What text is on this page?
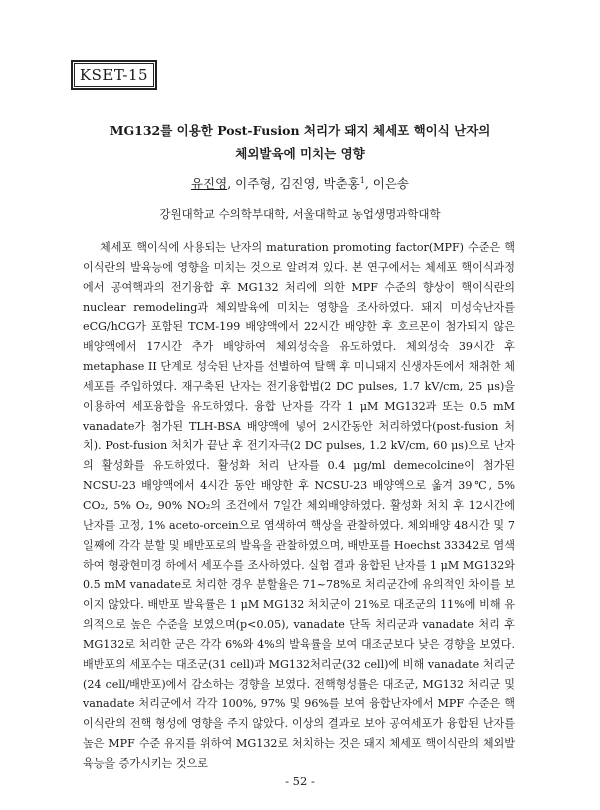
KSET-15
MG132를 이용한 Post-Fusion 처리가 돼지 체세포 핵이식 난자의
체외발육에 미치는 영향
유진영, 이주형, 김진영, 박춘홍$^1$, 이은송
강원대학교 수의학부대학, 서울대학교 농업생명과학대학

체세포 핵이식에 사용되는 난자의 maturation promoting factor(MPF) 수준은 핵이식란의 발육능에 영향을 미치는 것으로 알려져 있다. 본 연구에서는 체세포 핵이식과정에서 공여핵과의 전기융합 후 MG132 처리에 의한 MPF 수준의 향상이 핵이식란의 nuclear remodeling과 체외발육에 미치는 영향을 조사하였다. 돼지 미성숙난자를 eCG/hCG가 포함된 TCM-199 배양액에서 22시간 배양한 후 호르몬이 첨가되지 않은 배양액에서 17시간 추가 배양하여 체외성숙을 유도하였다. 체외성숙 39시간 후 metaphase II 단계로 성숙된 난자를 선별하여 탈핵 후 미니돼지 신생자돈에서 채취한 체세포를 주입하였다. 재구축된 난자는 전기융합법(2 DC pulses, 1.7 kV/cm, 25 μs)을 이용하여 세포융합을 유도하였다. 융합 난자를 각각 1 μM MG132과 또는 0.5 mM vanadate가 첨가된 TLH-BSA 배양액에 넣어 2시간동안 처리하였다(post-fusion 처치). Post-fusion 처치가 끝난 후 전기자극(2 DC pulses, 1.2 kV/cm, 60 μs)으로 난자의 활성화를 유도하였다. 활성화 처리 난자를 0.4 μg/ml demecolcine이 첨가된 NCSU-23 배양액에서 4시간 동안 배양한 후 NCSU-23 배양액으로 옮겨 39℃, 5% CO₂, 5% O₂, 90% NO₂의 조건에서 7일간 체외배양하였다. 활성화 처치 후 12시간에 난자를 고정, 1% aceto-orcein으로 염색하여 핵상을 관찰하였다. 체외배양 48시간 및 7일째에 각각 분할 및 배반포로의 발육을 관찰하였으며, 배반포를 Hoechst 33342로 염색하여 형광현미경 하에서 세포수를 조사하였다. 실험 결과 융합된 난자를 1 μM MG132와 0.5 mM vanadate로 처리한 경우 분할율은 71~78%로 처리군간에 유의적인 차이를 보이지 않았다. 배반포 발육률은 1 μM MG132 처치군이 21%로 대조군의 11%에 비해 유의적으로 높은 수준을 보였으며(p<0.05), vanadate 단독 처리군과 vanadate 처리 후 MG132로 처리한 군은 각각 6%와 4%의 발육률을 보여 대조군보다 낮은 경향을 보였다. 배반포의 세포수는 대조군(31 cell)과 MG132처리군(32 cell)에 비해 vanadate 처리군(24 cell/배반포)에서 감소하는 경향을 보였다. 전핵형성률은 대조군, MG132 처리군 및 vanadate 처리군에서 각각 100%, 97% 및 96%를 보여 융합난자에서 MPF 수준은 핵이식란의 전핵 형성에 영향을 주지 않았다. 이상의 결과로 보아 공여세포가 융합된 난자를 높은 MPF 수준 유지를 위하여 MG132로 처치하는 것은 돼지 체세포 핵이식란의 체외발육능을 증가시키는 것으로

- 52 -
